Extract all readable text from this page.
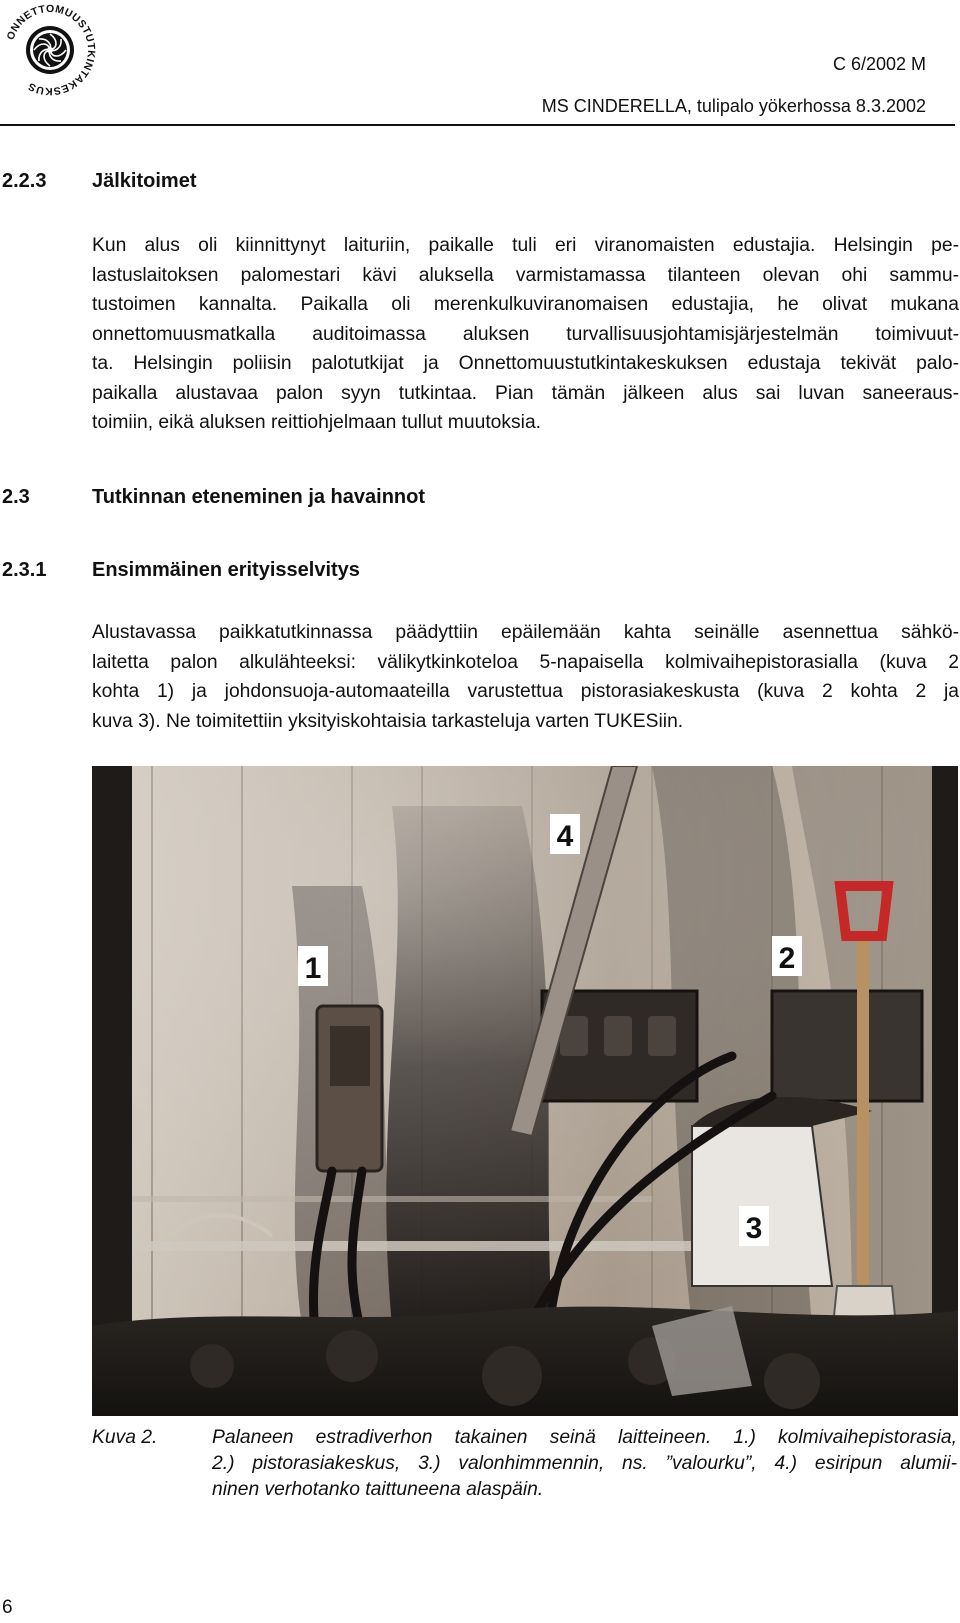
ONNETTOMUUSTUTKINTAKESKUS
C 6/2002 M
MS CINDERELLA, tulipalo yökerhossa 8.3.2002
2.2.3 Jälkitoimet
Kun alus oli kiinnittynyt laituriin, paikalle tuli eri viranomaisten edustajia. Helsingin pe-
lastuslaitoksen palomestari kävi aluksella varmistamassa tilanteen olevan ohi sammu-
tustoimen kannalta. Paikalla oli merenkulkuviranomaisen edustajia, he olivat mukana
onnettomuusmatkalla auditoimassa aluksen turvallisuusjohtamisjärjestelmän toimivuut-
ta. Helsingin poliisin palotutkijat ja Onnettomuustutkintakeskuksen edustaja tekivät palo-
paikalla alustavaa palon syyn tutkintaa. Pian tämän jälkeen alus sai luvan saneeraus-
toimiin, eikä aluksen reittiohjelmaan tullut muutoksia.
2.3	Tutkinnan eteneminen ja havainnot
2.3.1 Ensimmäinen erityisselvitys
Alustavassa paikkatutkinnassa päädyttiin epäilemään kahta seinälle asennettua sähkö-
laitetta palon alkulähteeksi: välikytkinkoteloa 5-napaisella kolmivaihepistorasialla (kuva 2
kohta 1) ja johdonsuoja-automaateilla varustettua pistorasiakeskusta (kuva 2 kohta 2 ja
kuva 3). Ne toimitettiin yksityiskohtaisia tarkasteluja varten TUKESiin.
4
1	2
3
Kuva 2.	Palaneen estradiverhon takainen seinä laitteineen. 1.) kolmivaihepistorasia,
2.) pistorasiakeskus, 3.) valonhimmennin, ns. ”valourku”, 4.) esiripun alumii-
ninen verhotanko taittuneena alaspäin.
6
